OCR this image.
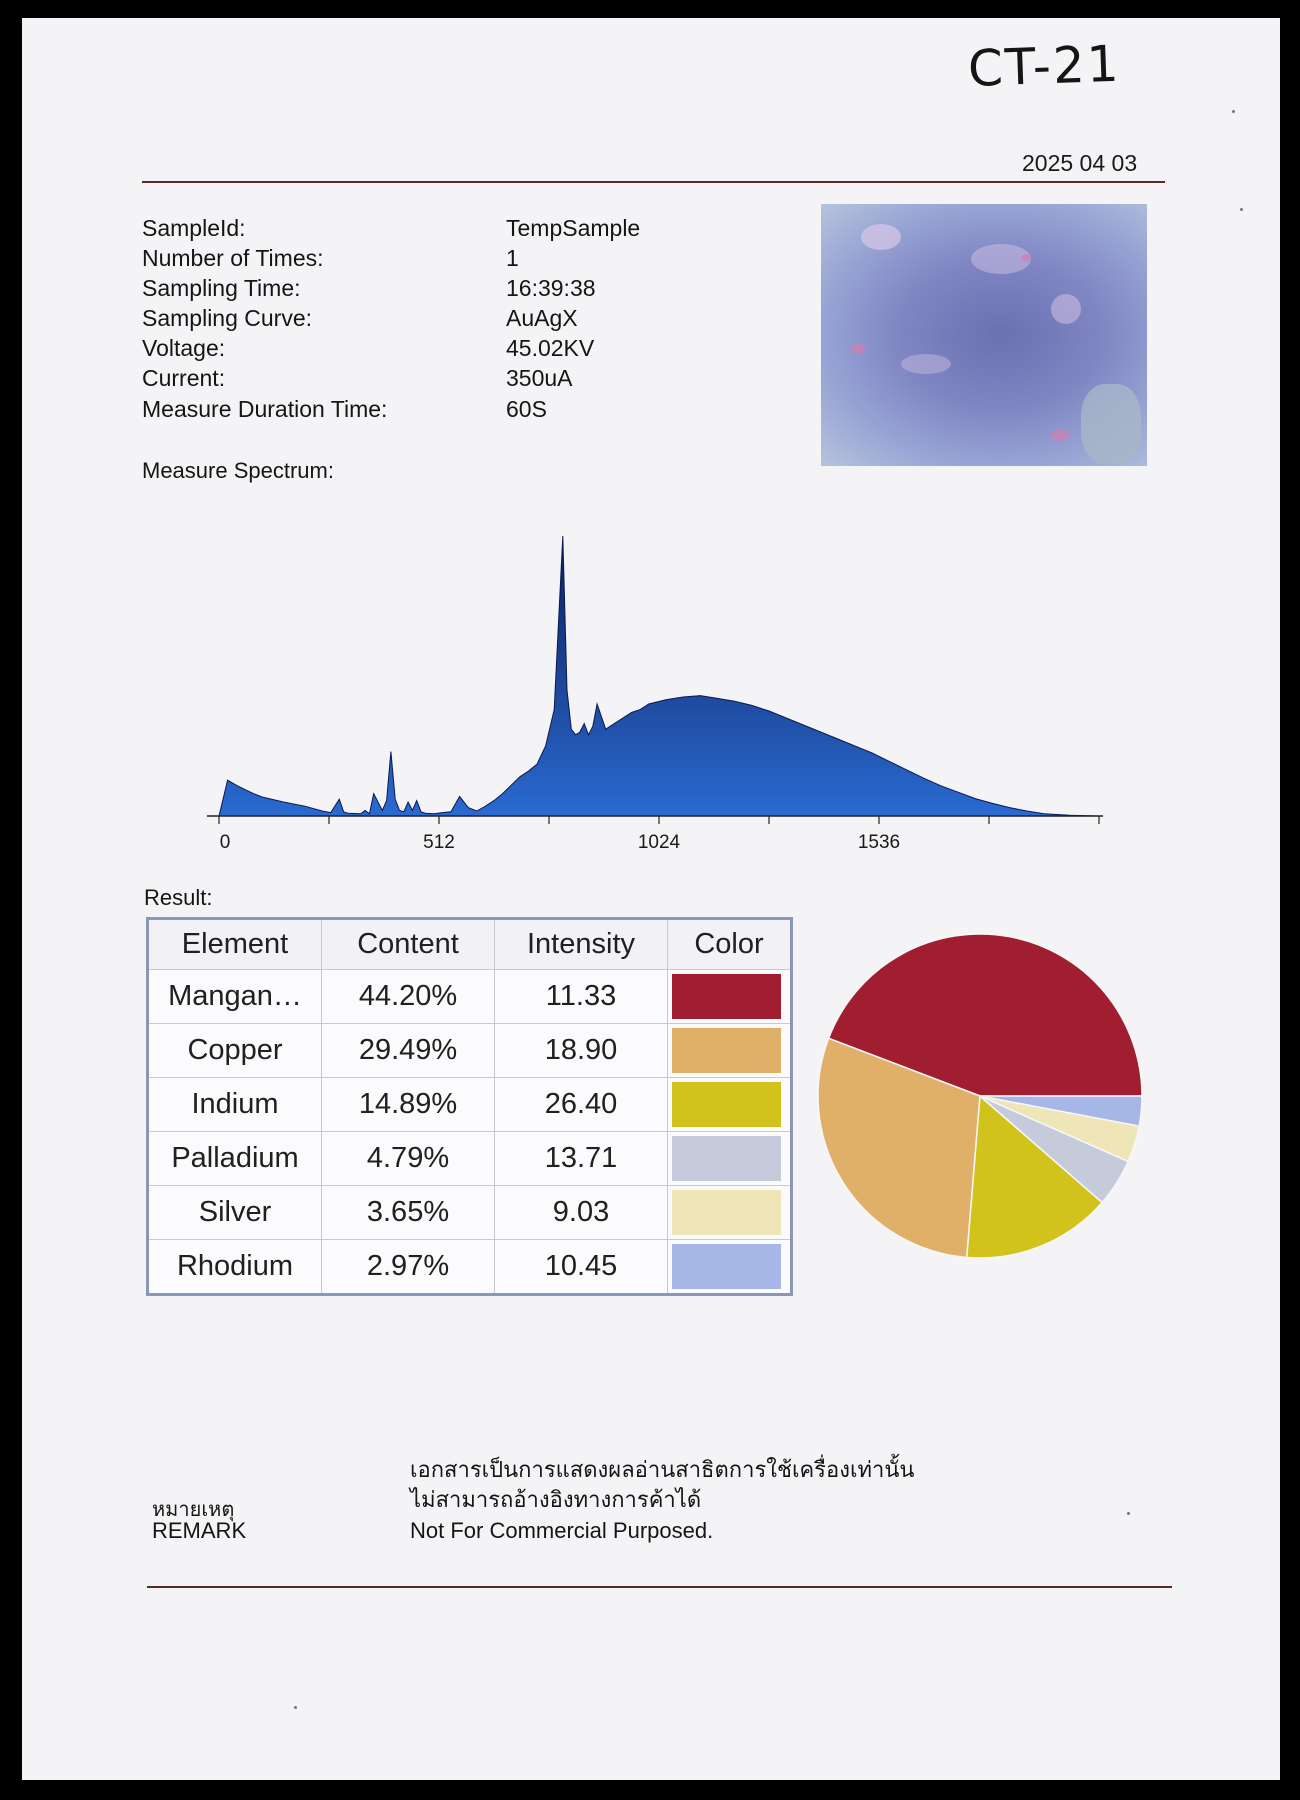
CT-21
2025 04 03
SampleId:	TempSample
Number of Times:	1
Sampling Time:	16:39:38
Sampling Curve:	AuAgX
Voltage:	45.02KV
Current:	350uA
Measure Duration Time:	60S
Measure Spectrum:
0	512	1024	1536
Result:
Element	Content	Intensity	Color
Mangan…	44.20%	11.33	

Copper	29.49%	18.90	

Indium	14.89%	26.40	

Palladium	4.79%	13.71	

Silver	3.65%	9.03	

Rhodium	2.97%	10.45	
เอกสารเป็นการแสดงผลอ่านสาธิตการใช้เครื่องเท่านั้น
ไม่สามารถอ้างอิงทางการค้าได้
Not For Commercial Purposed.
หมายเหตุ
REMARK
